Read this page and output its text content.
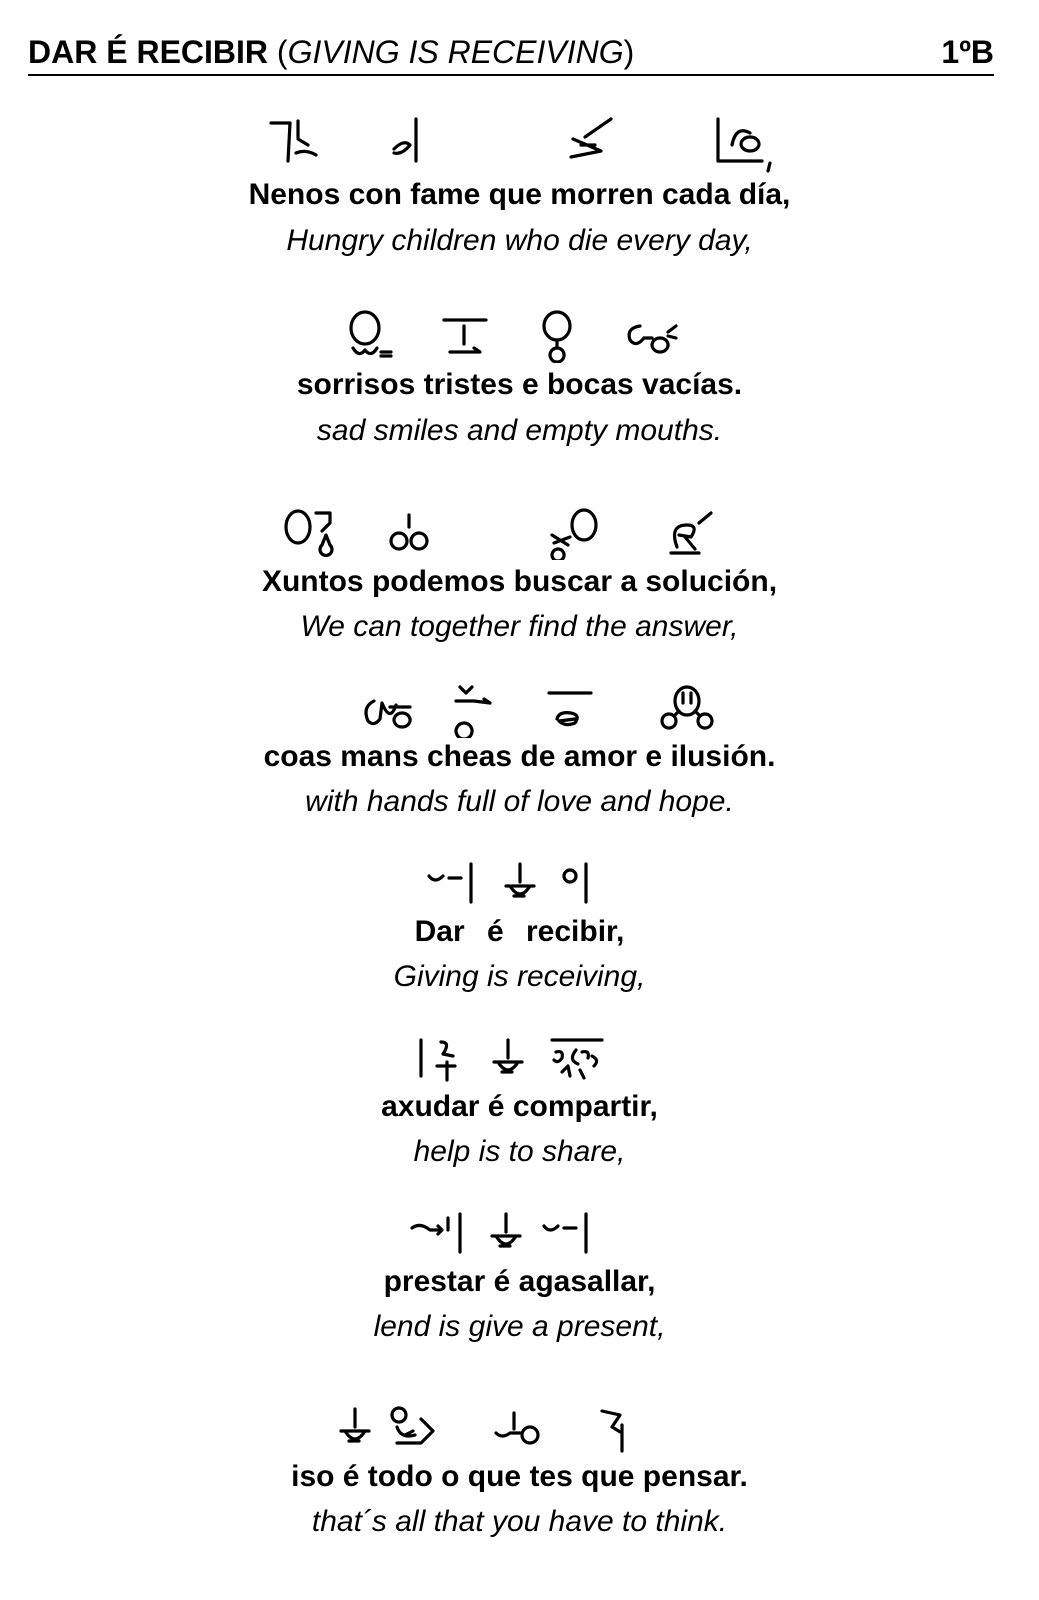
DAR É RECIBIR (GIVING IS RECEIVING)	1ºB
Nenos con fame que morren cada día,
Hungry children who die every day,
sorrisos tristes e bocas vacías.
sad smiles and empty mouths.
Xuntos podemos buscar a solución,
We can together find the answer,
coas mans cheas de amor e ilusión.
with hands full of love and hope.
Dar é recibir,
Giving is receiving,
axudar é compartir,
help is to share,
prestar é agasallar,
lend is give a present,
iso é todo o que tes que pensar.
that´s all that you have to think.
